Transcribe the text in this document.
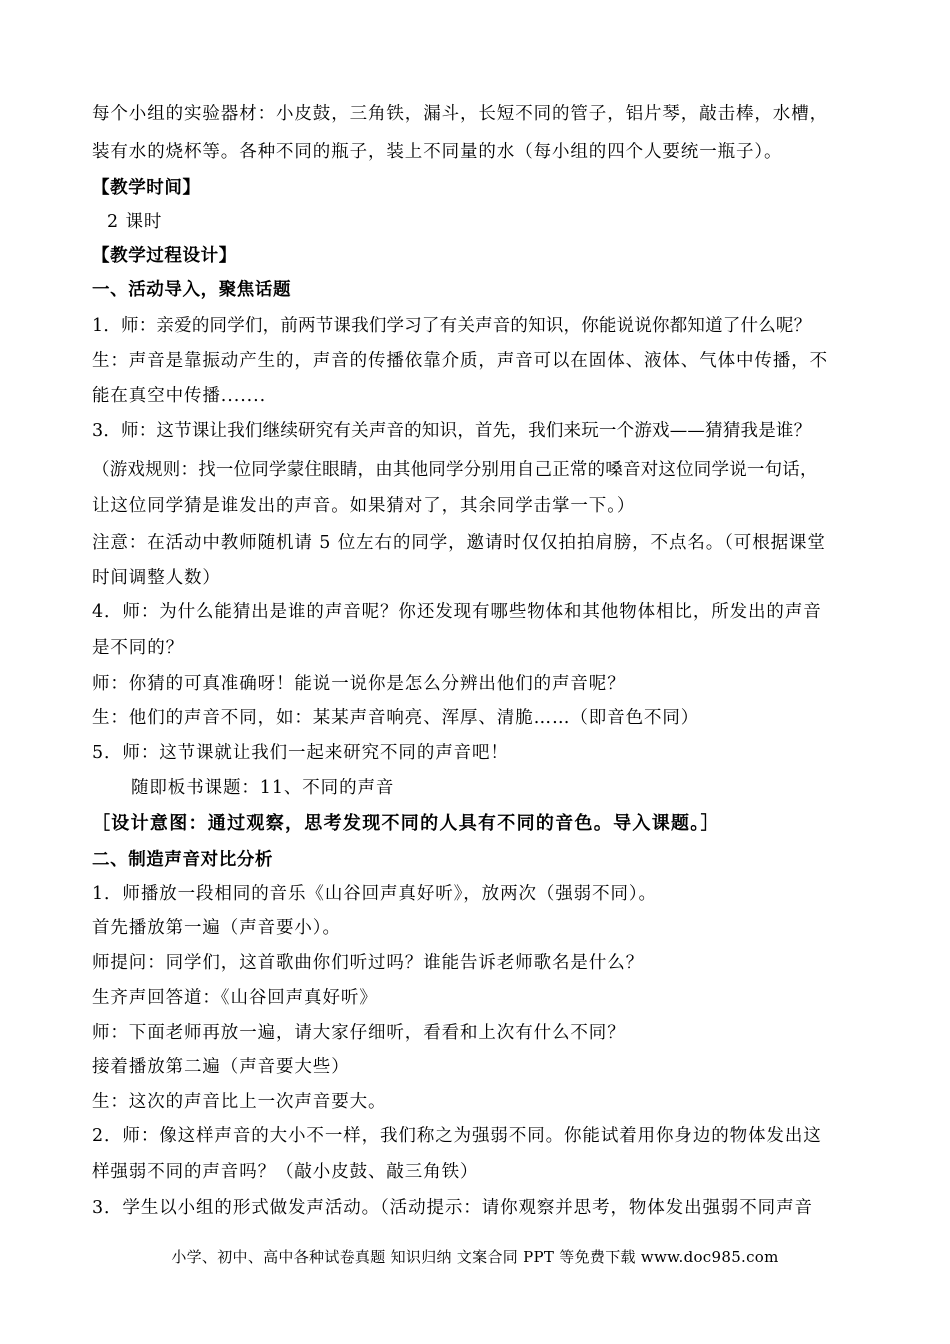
每个小组的实验器材：小皮鼓，三角铁，漏斗，长短不同的管子，铝片琴，敲击棒，水槽，
装有水的烧杯等。各种不同的瓶子，装上不同量的水（每小组的四个人要统一瓶子）。
【教学时间】
2 课时
【教学过程设计】
一、活动导入，聚焦话题
1．师：亲爱的同学们，前两节课我们学习了有关声音的知识，你能说说你都知道了什么呢？
生：声音是靠振动产生的，声音的传播依靠介质，声音可以在固体、液体、气体中传播，不
能在真空中传播.......
3．师：这节课让我们继续研究有关声音的知识，首先，我们来玩一个游戏——猜猜我是谁？
（游戏规则：找一位同学蒙住眼睛，由其他同学分别用自己正常的嗓音对这位同学说一句话，
让这位同学猜是谁发出的声音。如果猜对了，其余同学击掌一下。）
注意：在活动中教师随机请 5 位左右的同学，邀请时仅仅拍拍肩膀，不点名。（可根据课堂
时间调整人数）
4．师：为什么能猜出是谁的声音呢？你还发现有哪些物体和其他物体相比，所发出的声音
是不同的？
师：你猜的可真准确呀！能说一说你是怎么分辨出他们的声音呢？
生：他们的声音不同，如：某某声音响亮、浑厚、清脆……（即音色不同）
5．师：这节课就让我们一起来研究不同的声音吧！
随即板书课题：11、不同的声音
［设计意图：通过观察，思考发现不同的人具有不同的音色。导入课题。］
二、制造声音对比分析
1．师播放一段相同的音乐《山谷回声真好听》，放两次（强弱不同）。
首先播放第一遍（声音要小）。
师提问：同学们，这首歌曲你们听过吗？谁能告诉老师歌名是什么？
生齐声回答道：《山谷回声真好听》
师：下面老师再放一遍，请大家仔细听，看看和上次有什么不同？
接着播放第二遍（声音要大些）
生：这次的声音比上一次声音要大。
2．师：像这样声音的大小不一样，我们称之为强弱不同。你能试着用你身边的物体发出这
样强弱不同的声音吗？（敲小皮鼓、敲三角铁）
3．学生以小组的形式做发声活动。（活动提示：请你观察并思考，物体发出强弱不同声音
小学、初中、高中各种试卷真题 知识归纳 文案合同 PPT 等免费下载 www.doc985.com
